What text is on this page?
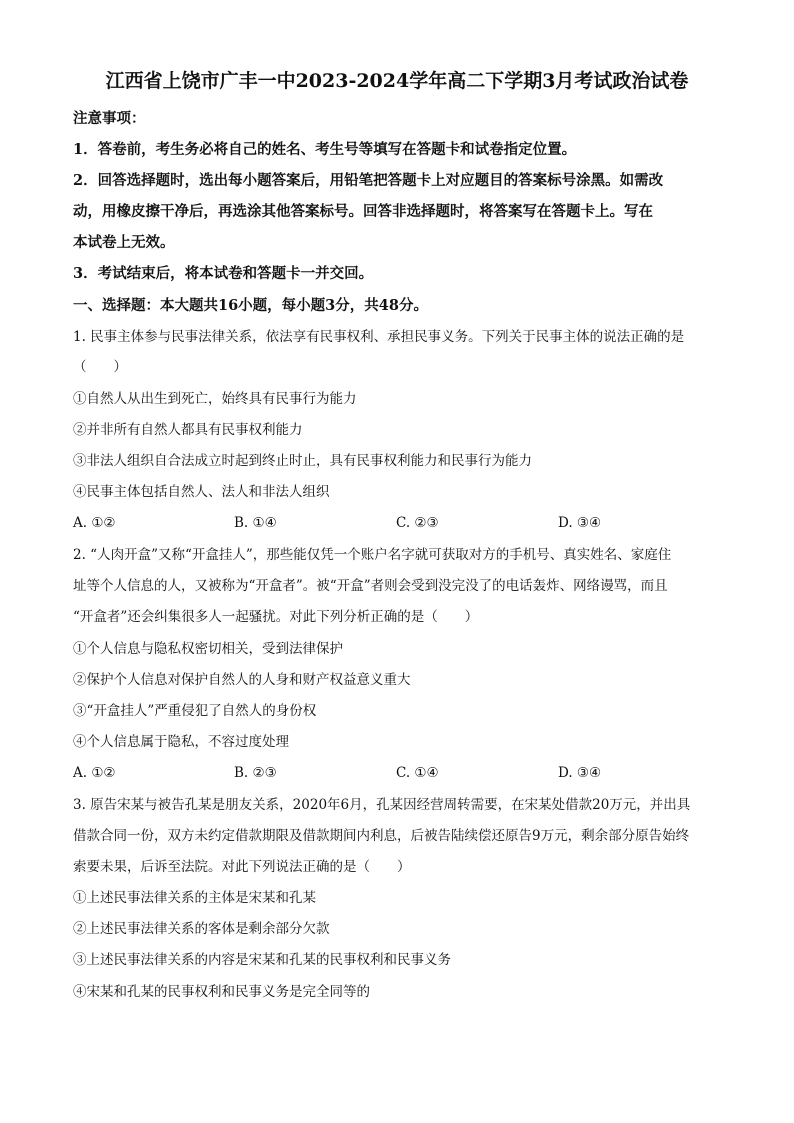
江西省上饶市广丰一中2023-2024学年高二下学期3月考试政治试卷
注意事项：
1．答卷前，考生务必将自己的姓名、考生号等填写在答题卡和试卷指定位置。
2．回答选择题时，选出每小题答案后，用铅笔把答题卡上对应题目的答案标号涂黑。如需改
动，用橡皮擦干净后，再选涂其他答案标号。回答非选择题时，将答案写在答题卡上。写在
本试卷上无效。
3．考试结束后，将本试卷和答题卡一并交回。
一、选择题：本大题共16小题，每小题3分，共48分。
1. 民事主体参与民事法律关系，依法享有民事权利、承担民事义务。下列关于民事主体的说法正确的是
（　　）
①自然人从出生到死亡，始终具有民事行为能力
②并非所有自然人都具有民事权利能力
③非法人组织自合法成立时起到终止时止，具有民事权利能力和民事行为能力
④民事主体包括自然人、法人和非法人组织
A. ①②	B. ①④	C. ②③	D. ③④
2. “人肉开盒”又称“开盒挂人”，那些能仅凭一个账户名字就可获取对方的手机号、真实姓名、家庭住
址等个人信息的人，又被称为“开盒者”。被“开盒”者则会受到没完没了的电话轰炸、网络谩骂，而且
“开盒者”还会纠集很多人一起骚扰。对此下列分析正确的是（　　）
①个人信息与隐私权密切相关，受到法律保护
②保护个人信息对保护自然人的人身和财产权益意义重大
③“开盒挂人”严重侵犯了自然人的身份权
④个人信息属于隐私，不容过度处理
A. ①②	B. ②③	C. ①④	D. ③④
3. 原告宋某与被告孔某是朋友关系，2020年6月，孔某因经营周转需要，在宋某处借款20万元，并出具
借款合同一份，双方未约定借款期限及借款期间内利息，后被告陆续偿还原告9万元，剩余部分原告始终
索要未果，后诉至法院。对此下列说法正确的是（　　）
①上述民事法律关系的主体是宋某和孔某
②上述民事法律关系的客体是剩余部分欠款
③上述民事法律关系的内容是宋某和孔某的民事权利和民事义务
④宋某和孔某的民事权利和民事义务是完全同等的
